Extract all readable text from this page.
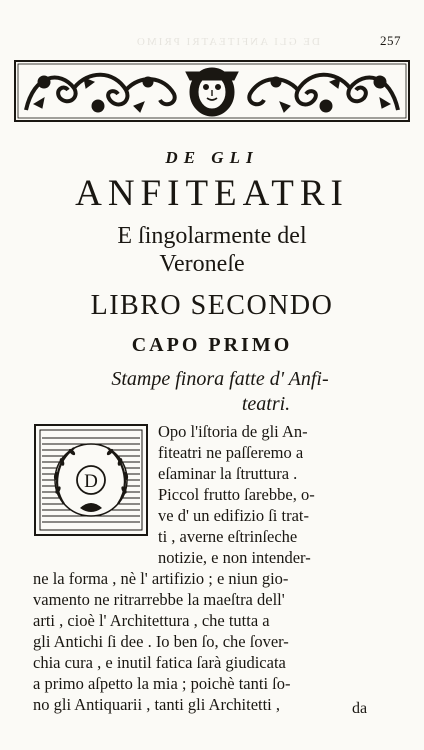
257
DE GLI ANFITEATRI PRIMO
DE GLI
ANFITEATRI
E ſingolarmente del
Veroneſe
LIBRO SECONDO
CAPO PRIMO
Stampe finora fatte d' Anfi-
teatri.
D
Opo l'iſtoria de gli An-
fiteatri ne paſſeremo a
eſaminar la ſtruttura .
Piccol frutto ſarebbe, o-
ve d' un edifizio ſi trat-
ti , averne eſtrinſeche
notizie, e non intender-
ne la forma , nè l' artifizio ; e niun gio-
vamento ne ritrarrebbe la maeſtra dell'
arti , cioè l' Architettura , che tutta a
gli Antichi ſi dee . Io ben ſo, che ſover-
chia cura , e inutil fatica ſarà giudicata
a primo aſpetto la mia ; poichè tanti ſo-
no gli Antiquarii , tanti gli Architetti ,	da
